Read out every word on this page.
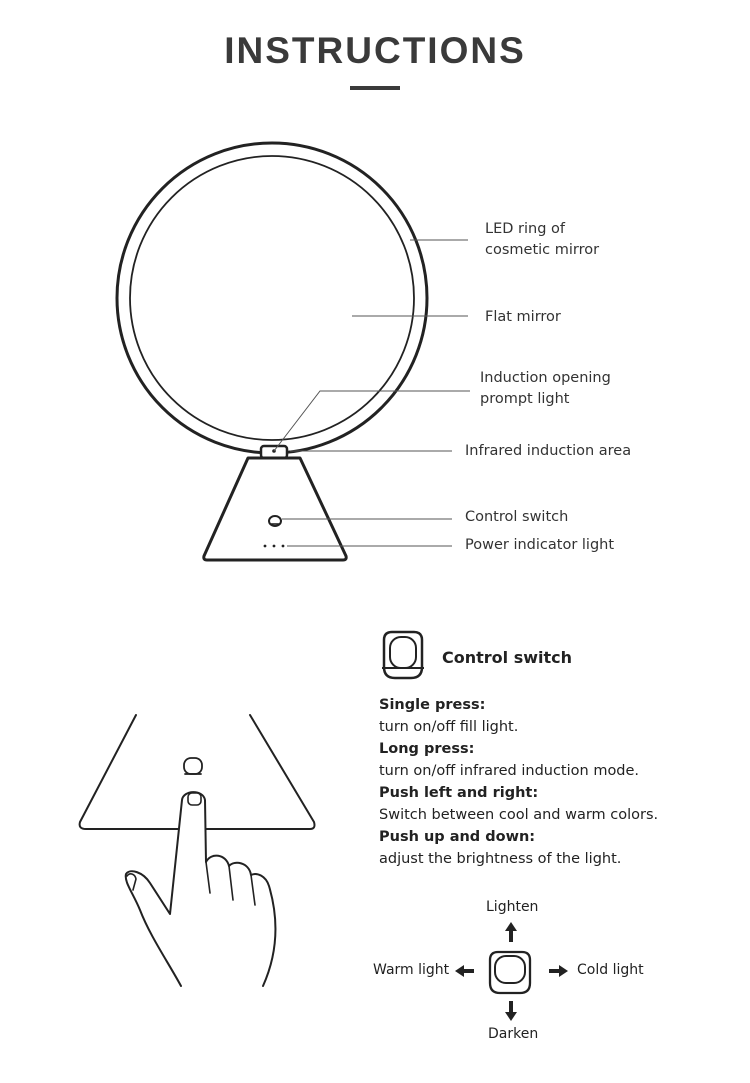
INSTRUCTIONS
LED ring of
cosmetic mirror
Flat mirror
Induction opening
prompt light
Infrared induction area
Control switch
Power indicator light
Control switch
Single press:
turn on/off fill light.
Long press:
turn on/off infrared induction mode.
Push left and right:
Switch between cool and warm colors.
Push up and down:
adjust the brightness of the light.
Lighten
Darken
Warm light	Cold light
